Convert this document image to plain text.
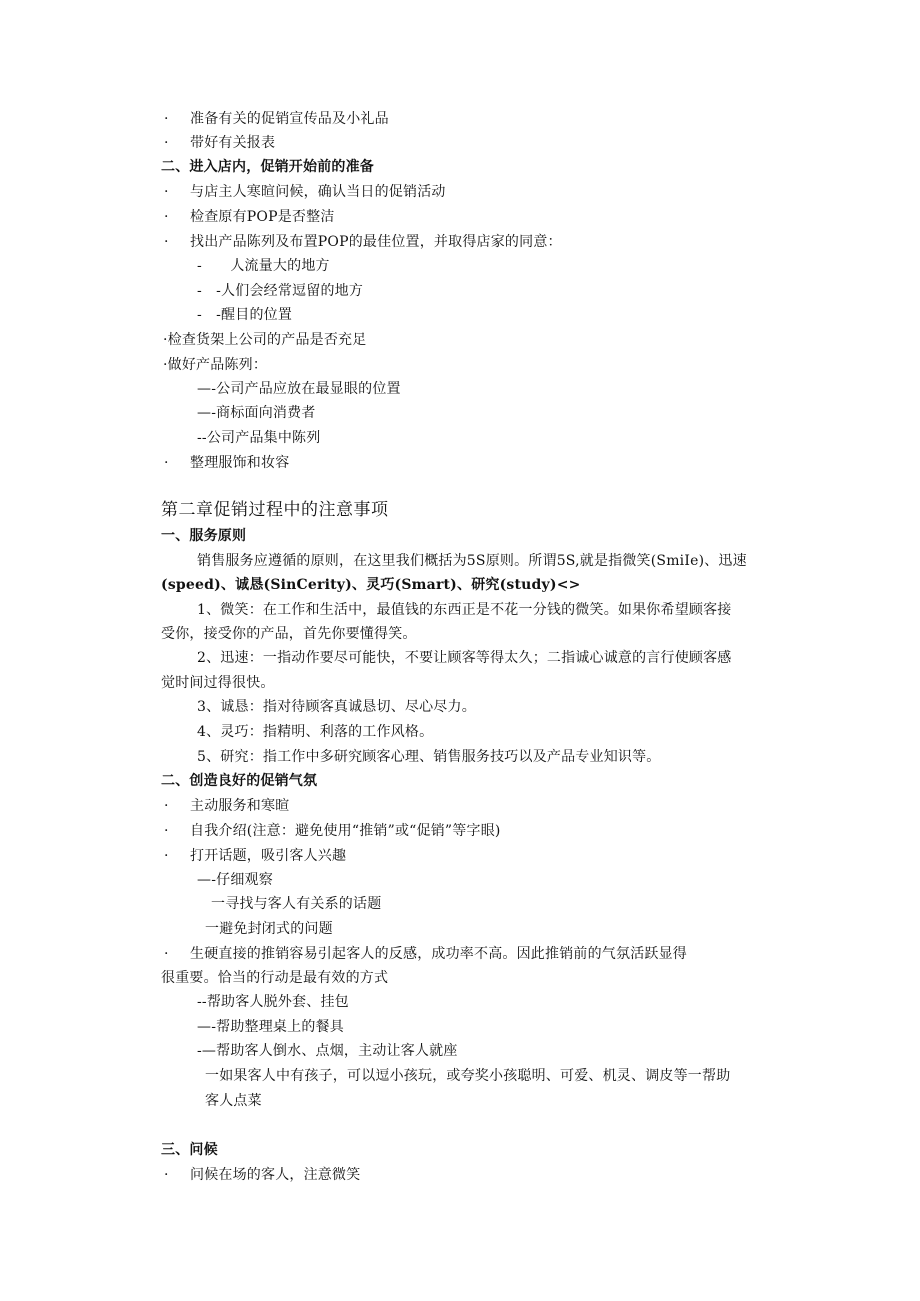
· 准备有关的促销宣传品及小礼品
· 带好有关报表
二、进入店内，促销开始前的准备
· 与店主人寒暄问候，确认当日的促销活动
· 检查原有POP是否整洁
· 找出产品陈列及布置POP的最佳位置，并取得店家的同意：
-　　人流量大的地方
-　-人们会经常逗留的地方
-　-醒目的位置
·检查货架上公司的产品是否充足
·做好产品陈列：
—-公司产品应放在最显眼的位置
—-商标面向消费者
--公司产品集中陈列
· 整理服饰和妆容
第二章促销过程中的注意事项
一、服务原则
销售服务应遵循的原则，在这里我们概括为5S原则。所谓5S,就是指微笑(SmiIe)、迅速
(speed)、诚恳(SinCerity)、灵巧(Smart)、研究(study)<>
1、微笑：在工作和生活中，最值钱的东西正是不花一分钱的微笑。如果你希望顾客接
受你，接受你的产品，首先你要懂得笑。
2、迅速：一指动作要尽可能快，不要让顾客等得太久；二指诚心诚意的言行使顾客感
觉时间过得很快。
3、诚恳：指对待顾客真诚恳切、尽心尽力。
4、灵巧：指精明、利落的工作风格。
5、研究：指工作中多研究顾客心理、销售服务技巧以及产品专业知识等。
二、创造良好的促销气氛
· 主动服务和寒暄
· 自我介绍(注意：避免使用“推销”或“促销”等字眼)
· 打开话题，吸引客人兴趣
—-仔细观察
一寻找与客人有关系的话题
一避免封闭式的问题
· 生硬直接的推销容易引起客人的反感，成功率不高。因此推销前的气氛活跃显得
很重要。恰当的行动是最有效的方式
--帮助客人脱外套、挂包
—-帮助整理桌上的餐具
-—帮助客人倒水、点烟，主动让客人就座
一如果客人中有孩子，可以逗小孩玩，或夸奖小孩聪明、可爱、机灵、调皮等一帮助
客人点菜
三、问候
· 问候在场的客人，注意微笑
